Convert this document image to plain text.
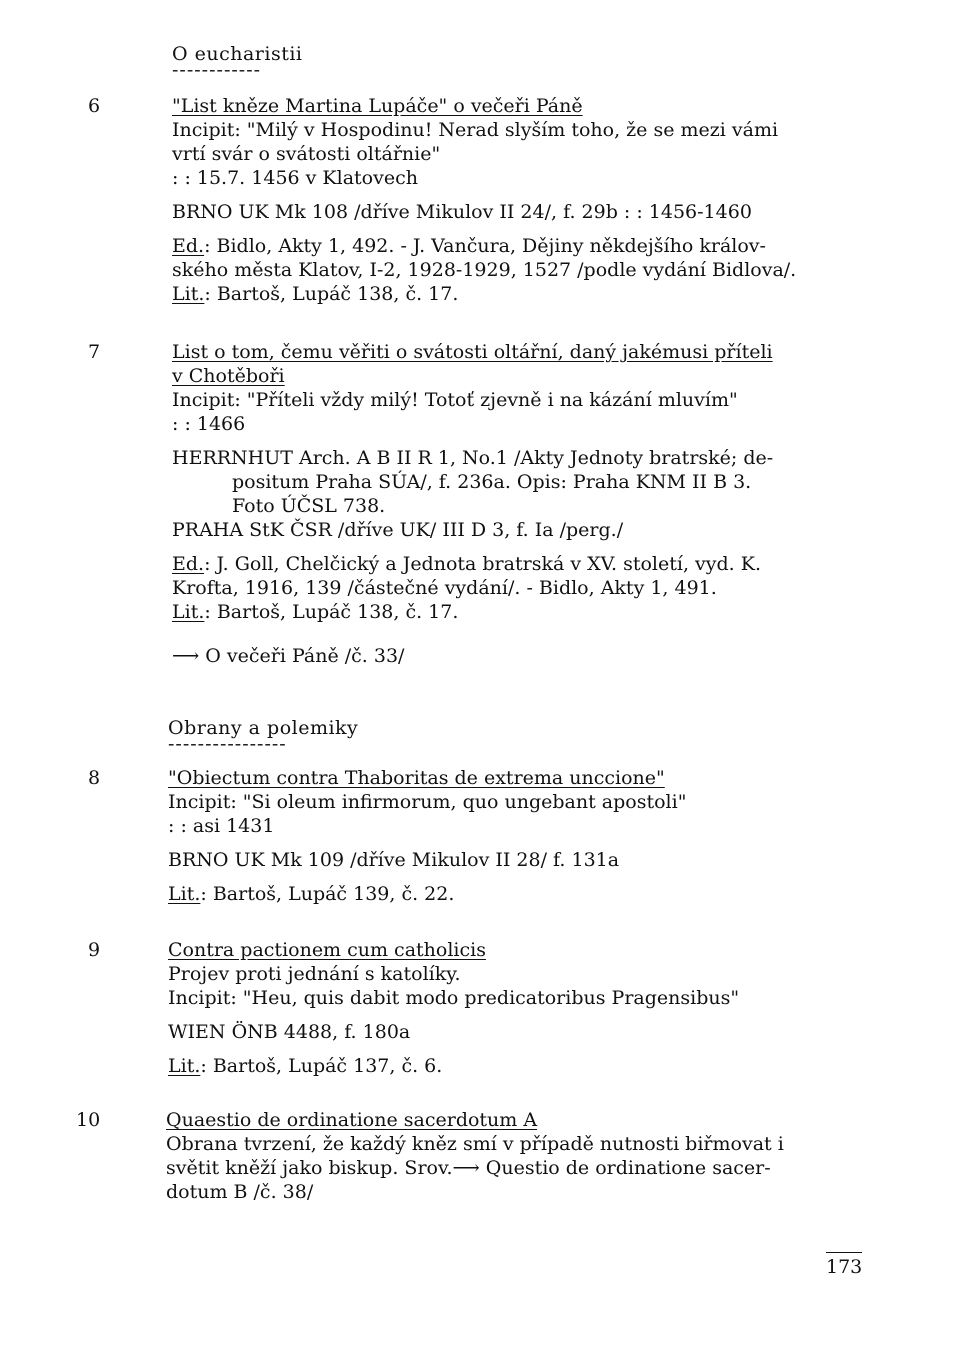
O eucharistii
------------
6	"List kněze Martina Lupáče" o večeři Páně
Incipit: "Milý v Hospodinu! Nerad slyším toho, že se mezi vámi
vrtí svár o svátosti oltářnie"
: : 15.7. 1456 v Klatovech
BRNO UK Mk 108 /dříve Mikulov II 24/, f. 29b : : 1456-1460
Ed.: Bidlo, Akty 1, 492. - J. Vančura, Dějiny někdejšího králov-
ského města Klatov, I-2, 1928-1929, 1527 /podle vydání Bidlova/.
Lit.: Bartoš, Lupáč 138, č. 17.
7	List o tom, čemu věřiti o svátosti oltářní, daný jakémusi příteli
v Chotěboři
Incipit: "Příteli vždy milý! Totoť zjevně i na kázání mluvím"
: : 1466
HERRNHUT Arch. A B II R 1, No.1 /Akty Jednoty bratrské; de-
positum Praha SÚA/, f. 236a. Opis: Praha KNM II B 3.
Foto ÚČSL 738.
PRAHA StK ČSR /dříve UK/ III D 3, f. Ia /perg./
Ed.: J. Goll, Chelčický a Jednota bratrská v XV. století, vyd. K.
Krofta, 1916, 139 /částečné vydání/. - Bidlo, Akty 1, 491.
Lit.: Bartoš, Lupáč 138, č. 17.
⟶ O večeři Páně /č. 33/
Obrany a polemiky
----------------
8	"Obiectum contra Thaboritas de extrema unccione"
Incipit: "Si oleum infirmorum, quo ungebant apostoli"
: : asi 1431
BRNO UK Mk 109 /dříve Mikulov II 28/ f. 131a
Lit.: Bartoš, Lupáč 139, č. 22.
9	Contra pactionem cum catholicis
Projev proti jednání s katolíky.
Incipit: "Heu, quis dabit modo predicatoribus Pragensibus"
WIEN ÖNB 4488, f. 180a
Lit.: Bartoš, Lupáč 137, č. 6.
10	Quaestio de ordinatione sacerdotum A
Obrana tvrzení, že každý kněz smí v případě nutnosti biřmovat i
světit kněží jako biskup. Srov.⟶ Questio de ordinatione sacer-
dotum B /č. 38/
173
